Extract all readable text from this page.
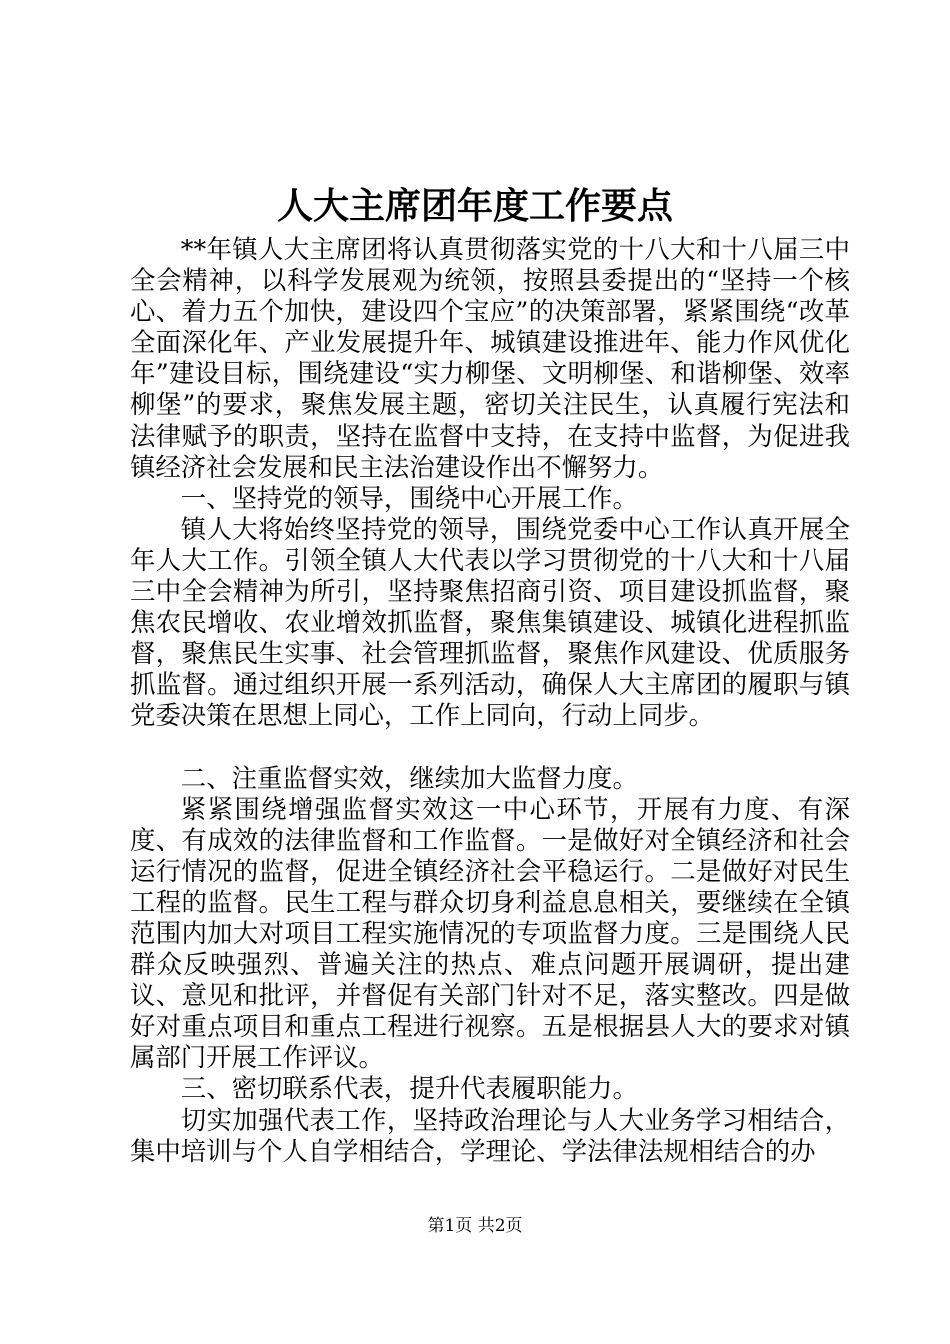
人大主席团年度工作要点

**年镇人大主席团将认真贯彻落实党的十八大和十八届三中全会精神，以科学发展观为统领，按照县委提出的“坚持一个核心、着力五个加快，建设四个宝应”的决策部署，紧紧围绕“改革全面深化年、产业发展提升年、城镇建设推进年、能力作风优化年”建设目标，围绕建设“实力柳堡、文明柳堡、和谐柳堡、效率柳堡”的要求，聚焦发展主题，密切关注民生，认真履行宪法和法律赋予的职责，坚持在监督中支持，在支持中监督，为促进我镇经济社会发展和民主法治建设作出不懈努力。

一、坚持党的领导，围绕中心开展工作。

镇人大将始终坚持党的领导，围绕党委中心工作认真开展全年人大工作。引领全镇人大代表以学习贯彻党的十八大和十八届三中全会精神为所引，坚持聚焦招商引资、项目建设抓监督，聚焦农民增收、农业增效抓监督，聚焦集镇建设、城镇化进程抓监督，聚焦民生实事、社会管理抓监督，聚焦作风建设、优质服务抓监督。通过组织开展一系列活动，确保人大主席团的履职与镇党委决策在思想上同心，工作上同向，行动上同步。

二、注重监督实效，继续加大监督力度。

紧紧围绕增强监督实效这一中心环节，开展有力度、有深度、有成效的法律监督和工作监督。一是做好对全镇经济和社会运行情况的监督，促进全镇经济社会平稳运行。二是做好对民生工程的监督。民生工程与群众切身利益息息相关，要继续在全镇范围内加大对项目工程实施情况的专项监督力度。三是围绕人民群众反映强烈、普遍关注的热点、难点问题开展调研，提出建议、意见和批评，并督促有关部门针对不足，落实整改。四是做好对重点项目和重点工程进行视察。五是根据县人大的要求对镇属部门开展工作评议。

三、密切联系代表，提升代表履职能力。

切实加强代表工作，坚持政治理论与人大业务学习相结合，集中培训与个人自学相结合，学理论、学法律法规相结合的办

第1页 共2页
